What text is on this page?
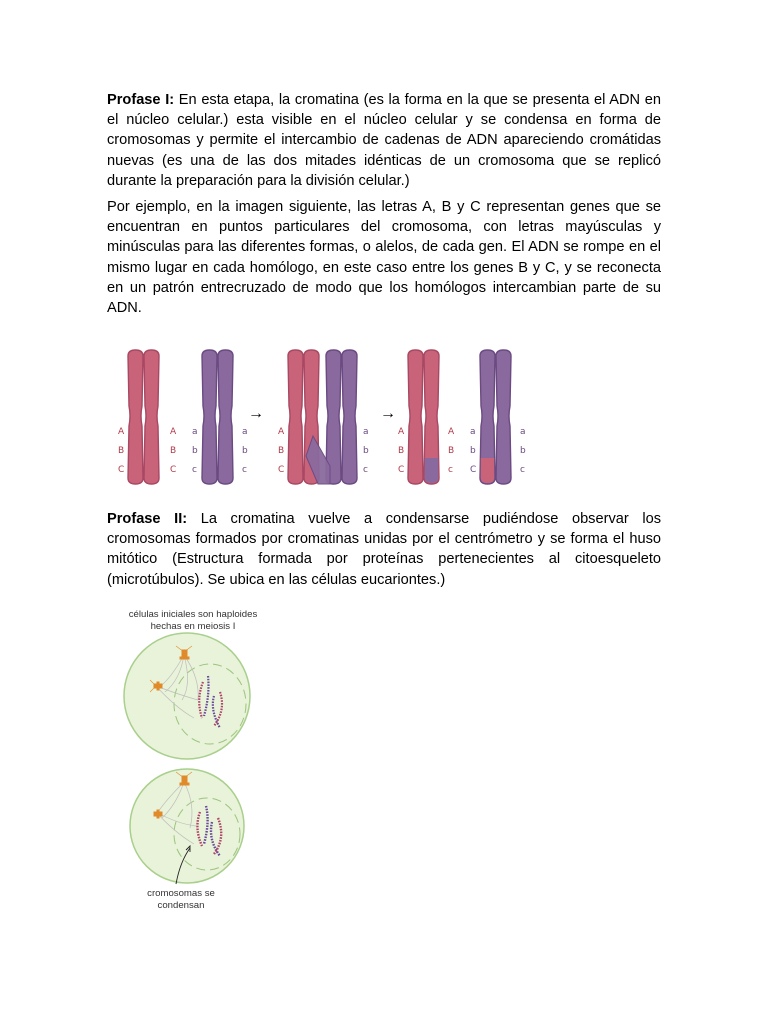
Profase I: En esta etapa, la cromatina (es la forma en la que se presenta el ADN en el núcleo celular.) esta visible en el núcleo celular y se condensa en forma de cromosomas y permite el intercambio de cadenas de ADN apareciendo cromátidas nuevas (es una de las dos mitades idénticas de un cromosoma que se replicó durante la preparación para la división celular.)

Por ejemplo, en la imagen siguiente, las letras A, B y C representan genes que se encuentran en puntos particulares del cromosoma, con letras mayúsculas y minúsculas para las diferentes formas, o alelos, de cada gen. El ADN se rompe en el mismo lugar en cada homólogo, en este caso entre los genes B y C, y se reconecta en un patrón entrecruzado de modo que los homólogos intercambian parte de su ADN.

A
B
C
A
B
C
a
b
c
a
b
c
→
A
B
C
a
b
c
→
A
B
C
A
B
c
a
b
C
a
b
c

Profase II: La cromatina vuelve a condensarse pudiéndose observar los cromosomas formados por cromatinas unidas por el centrómetro y se forma el huso mitótico (Estructura formada por proteínas pertenecientes al citoesqueleto (microtúbulos). Se ubica en las células eucariontes.)

células iniciales son haploides hechas en meiosis I
cromosomas se condensan
